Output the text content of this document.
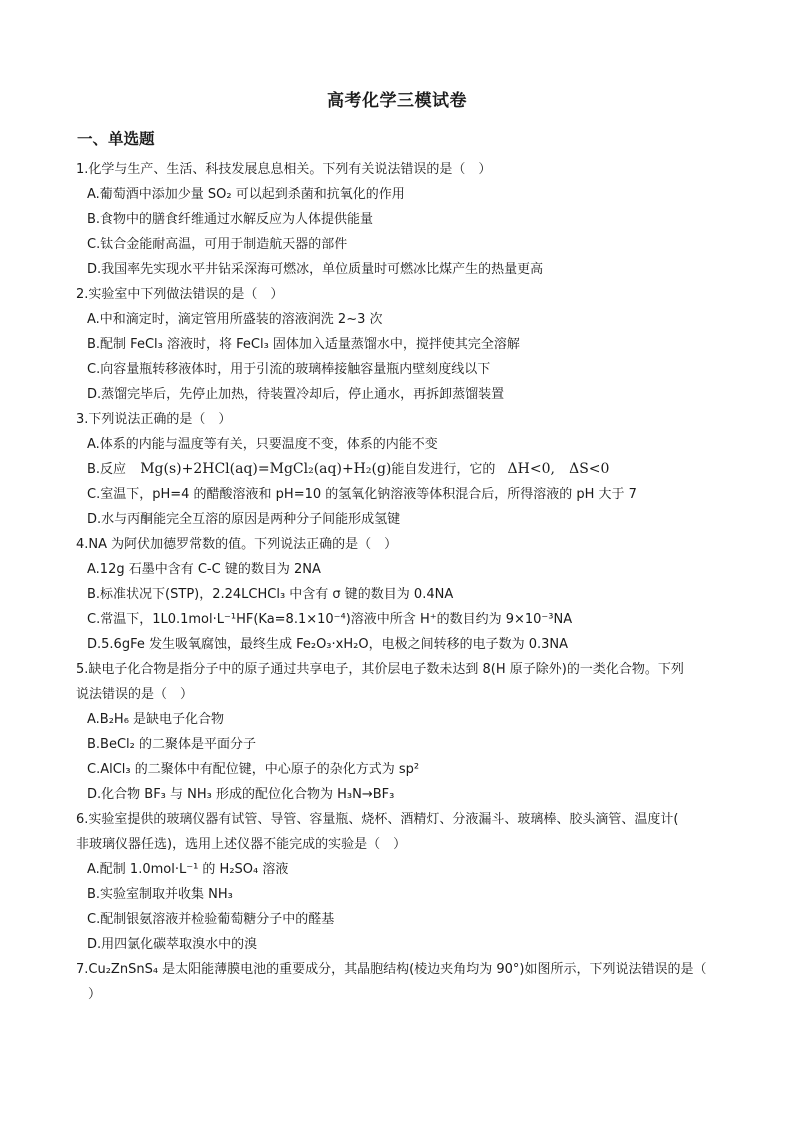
高考化学三模试卷
一、单选题
1.化学与生产、生活、科技发展息息相关。下列有关说法错误的是（　）
A.葡萄酒中添加少量 SO₂ 可以起到杀菌和抗氧化的作用
B.食物中的膳食纤维通过水解反应为人体提供能量
C.钛合金能耐高温，可用于制造航天器的部件
D.我国率先实现水平井钻采深海可燃冰，单位质量时可燃冰比煤产生的热量更高
2.实验室中下列做法错误的是（　）
A.中和滴定时，滴定管用所盛装的溶液润洗 2~3 次
B.配制 FeCl₃ 溶液时，将 FeCl₃ 固体加入适量蒸馏水中，搅拌使其完全溶解
C.向容量瓶转移液体时，用于引流的玻璃棒接触容量瓶内壁刻度线以下
D.蒸馏完毕后，先停止加热，待装置冷却后，停止通水，再拆卸蒸馏装置
3.下列说法正确的是（　）
A.体系的内能与温度等有关，只要温度不变，体系的内能不变
B.反应 Mg(s)+2HCl(aq)=MgCl₂(aq)+H₂(g)能自发进行，它的 ΔH<0, ΔS<0
C.室温下，pH=4 的醋酸溶液和 pH=10 的氢氧化钠溶液等体积混合后，所得溶液的 pH 大于 7
D.水与丙酮能完全互溶的原因是两种分子间能形成氢键
4.NA 为阿伏加德罗常数的值。下列说法正确的是（　）
A.12g 石墨中含有 C-C 键的数目为 2NA
B.标准状况下(STP)，2.24LCHCl₃ 中含有 σ 键的数目为 0.4NA
C.常温下，1L0.1mol·L⁻¹HF(Ka=8.1×10⁻⁴)溶液中所含 H⁺的数目约为 9×10⁻³NA
D.5.6gFe 发生吸氧腐蚀，最终生成 Fe₂O₃·xH₂O，电极之间转移的电子数为 0.3NA
5.缺电子化合物是指分子中的原子通过共享电子，其价层电子数未达到 8(H 原子除外)的一类化合物。下列
说法错误的是（　）
A.B₂H₆ 是缺电子化合物
B.BeCl₂ 的二聚体是平面分子
C.AlCl₃ 的二聚体中有配位键，中心原子的杂化方式为 sp²
D.化合物 BF₃ 与 NH₃ 形成的配位化合物为 H₃N→BF₃
6.实验室提供的玻璃仪器有试管、导管、容量瓶、烧杯、酒精灯、分液漏斗、玻璃棒、胶头滴管、温度计(
非玻璃仪器任选)，选用上述仪器不能完成的实验是（　）
A.配制 1.0mol·L⁻¹ 的 H₂SO₄ 溶液
B.实验室制取并收集 NH₃
C.配制银氨溶液并检验葡萄糖分子中的醛基
D.用四氯化碳萃取溴水中的溴
7.Cu₂ZnSnS₄ 是太阳能薄膜电池的重要成分，其晶胞结构(棱边夹角均为 90°)如图所示，下列说法错误的是（
）
